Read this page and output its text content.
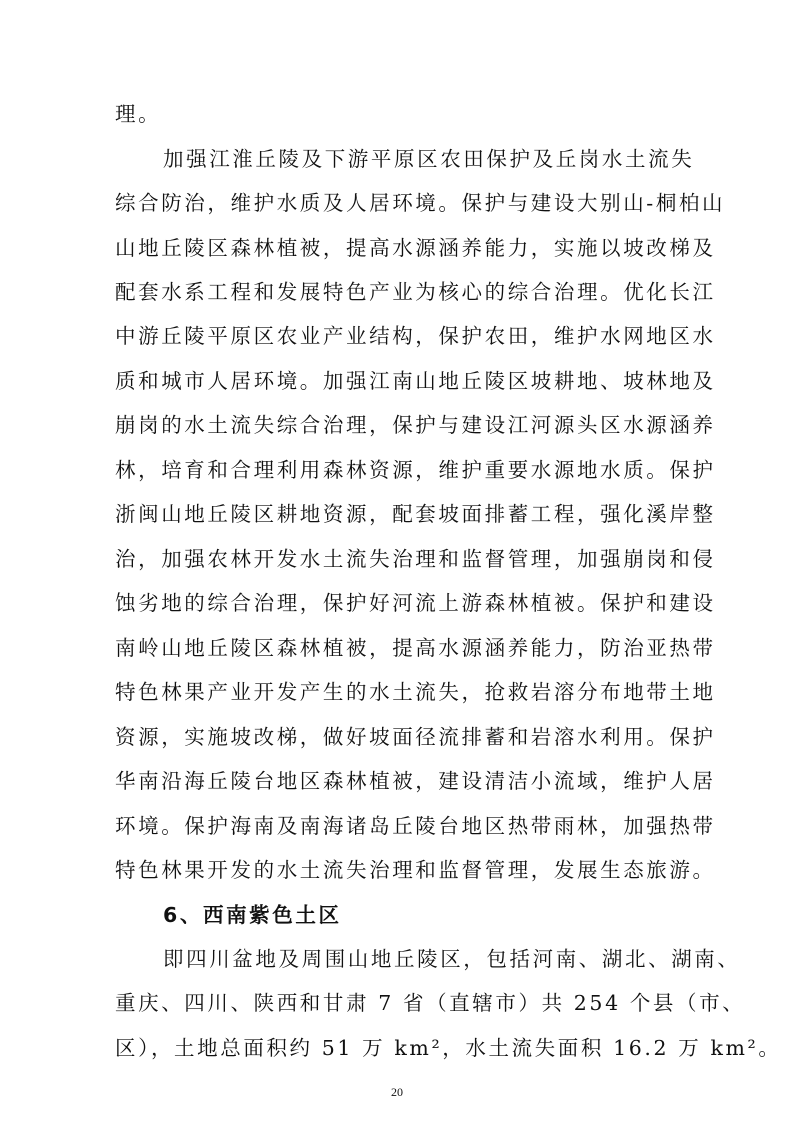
理。
加强江淮丘陵及下游平原区农田保护及丘岗水土流失
综合防治，维护水质及人居环境。保护与建设大别山-桐柏山
山地丘陵区森林植被，提高水源涵养能力，实施以坡改梯及
配套水系工程和发展特色产业为核心的综合治理。优化长江
中游丘陵平原区农业产业结构，保护农田，维护水网地区水
质和城市人居环境。加强江南山地丘陵区坡耕地、坡林地及
崩岗的水土流失综合治理，保护与建设江河源头区水源涵养
林，培育和合理利用森林资源，维护重要水源地水质。保护
浙闽山地丘陵区耕地资源，配套坡面排蓄工程，强化溪岸整
治，加强农林开发水土流失治理和监督管理，加强崩岗和侵
蚀劣地的综合治理，保护好河流上游森林植被。保护和建设
南岭山地丘陵区森林植被，提高水源涵养能力，防治亚热带
特色林果产业开发产生的水土流失，抢救岩溶分布地带土地
资源，实施坡改梯，做好坡面径流排蓄和岩溶水利用。保护
华南沿海丘陵台地区森林植被，建设清洁小流域，维护人居
环境。保护海南及南海诸岛丘陵台地区热带雨林，加强热带
特色林果开发的水土流失治理和监督管理，发展生态旅游。
6、西南紫色土区
即四川盆地及周围山地丘陵区，包括河南、湖北、湖南、
重庆、四川、陕西和甘肃 7 省（直辖市）共 254 个县（市、
20
区），土地总面积约 51 万 km²，水土流失面积 16.2 万 km²。
